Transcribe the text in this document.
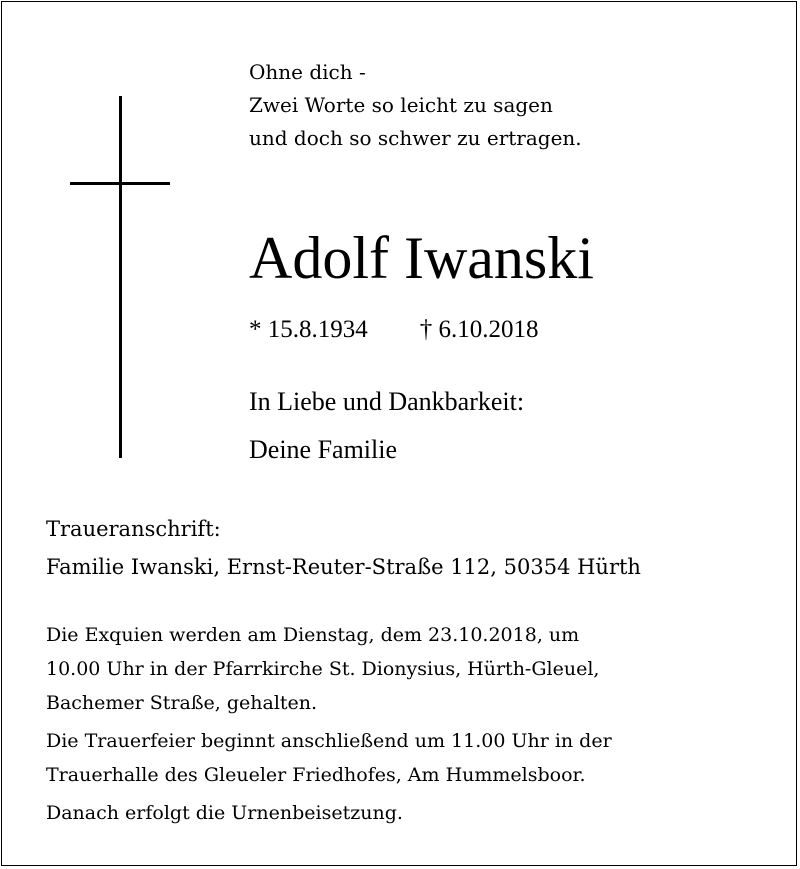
Ohne dich -
Zwei Worte so leicht zu sagen
und doch so schwer zu ertragen.
Adolf Iwanski
* 15.8.1934 † 6.10.2018
In Liebe und Dankbarkeit:
Deine Familie
Traueranschrift:
Familie Iwanski, Ernst-Reuter-Straße 112, 50354 Hürth

Die Exquien werden am Dienstag, dem 23.10.2018, um
10.00 Uhr in der Pfarrkirche St. Dionysius, Hürth-Gleuel,
Bachemer Straße, gehalten.

Die Trauerfeier beginnt anschließend um 11.00 Uhr in der
Trauerhalle des Gleueler Friedhofes, Am Hummelsboor.

Danach erfolgt die Urnenbeisetzung.
